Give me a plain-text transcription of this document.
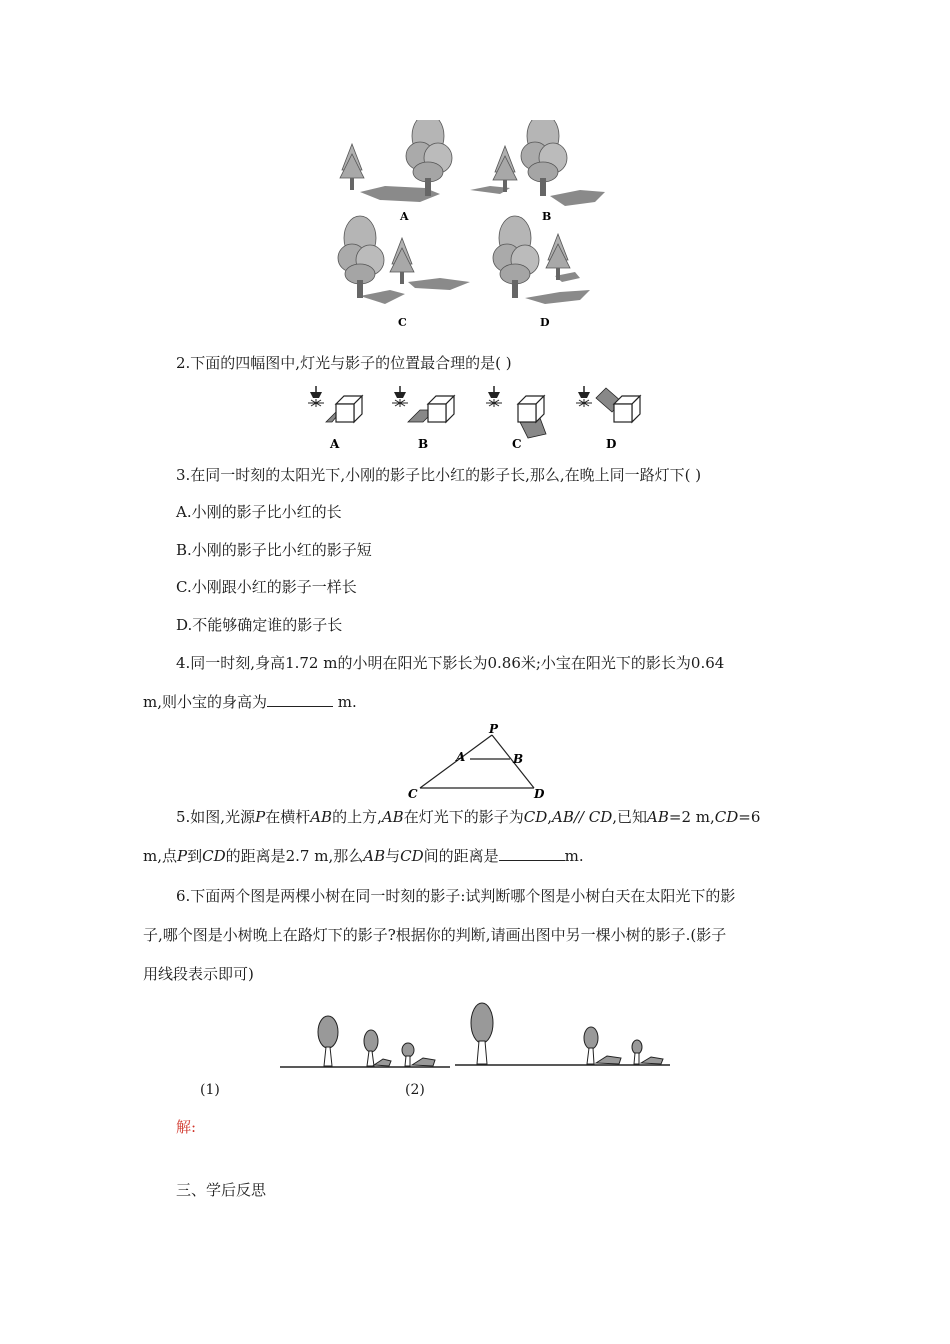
A	B
C	D
2.下面的四幅图中,灯光与影子的位置最合理的是( )
A	B	C	D
3.在同一时刻的太阳光下,小刚的影子比小红的影子长,那么,在晚上同一路灯下( )
A.小刚的影子比小红的长
B.小刚的影子比小红的影子短
C.小刚跟小红的影子一样长
D.不能够确定谁的影子长
4.同一时刻,身高1.72 m的小明在阳光下影长为0.86米;小宝在阳光下的影长为0.64
m,则小宝的身高为	m.
P
A	B
C	D
5.如图,光源P在横杆AB的上方,AB在灯光下的影子为CD,AB// CD,已知AB=2 m,CD=6
m,点P到CD的距离是2.7 m,那么AB与CD间的距离是	m.
6.下面两个图是两棵小树在同一时刻的影子:试判断哪个图是小树白天在太阳光下的影
子,哪个图是小树晚上在路灯下的影子?根据你的判断,请画出图中另一棵小树的影子.(影子
用线段表示即可)
(1)	(2)
解:
三、学后反思
